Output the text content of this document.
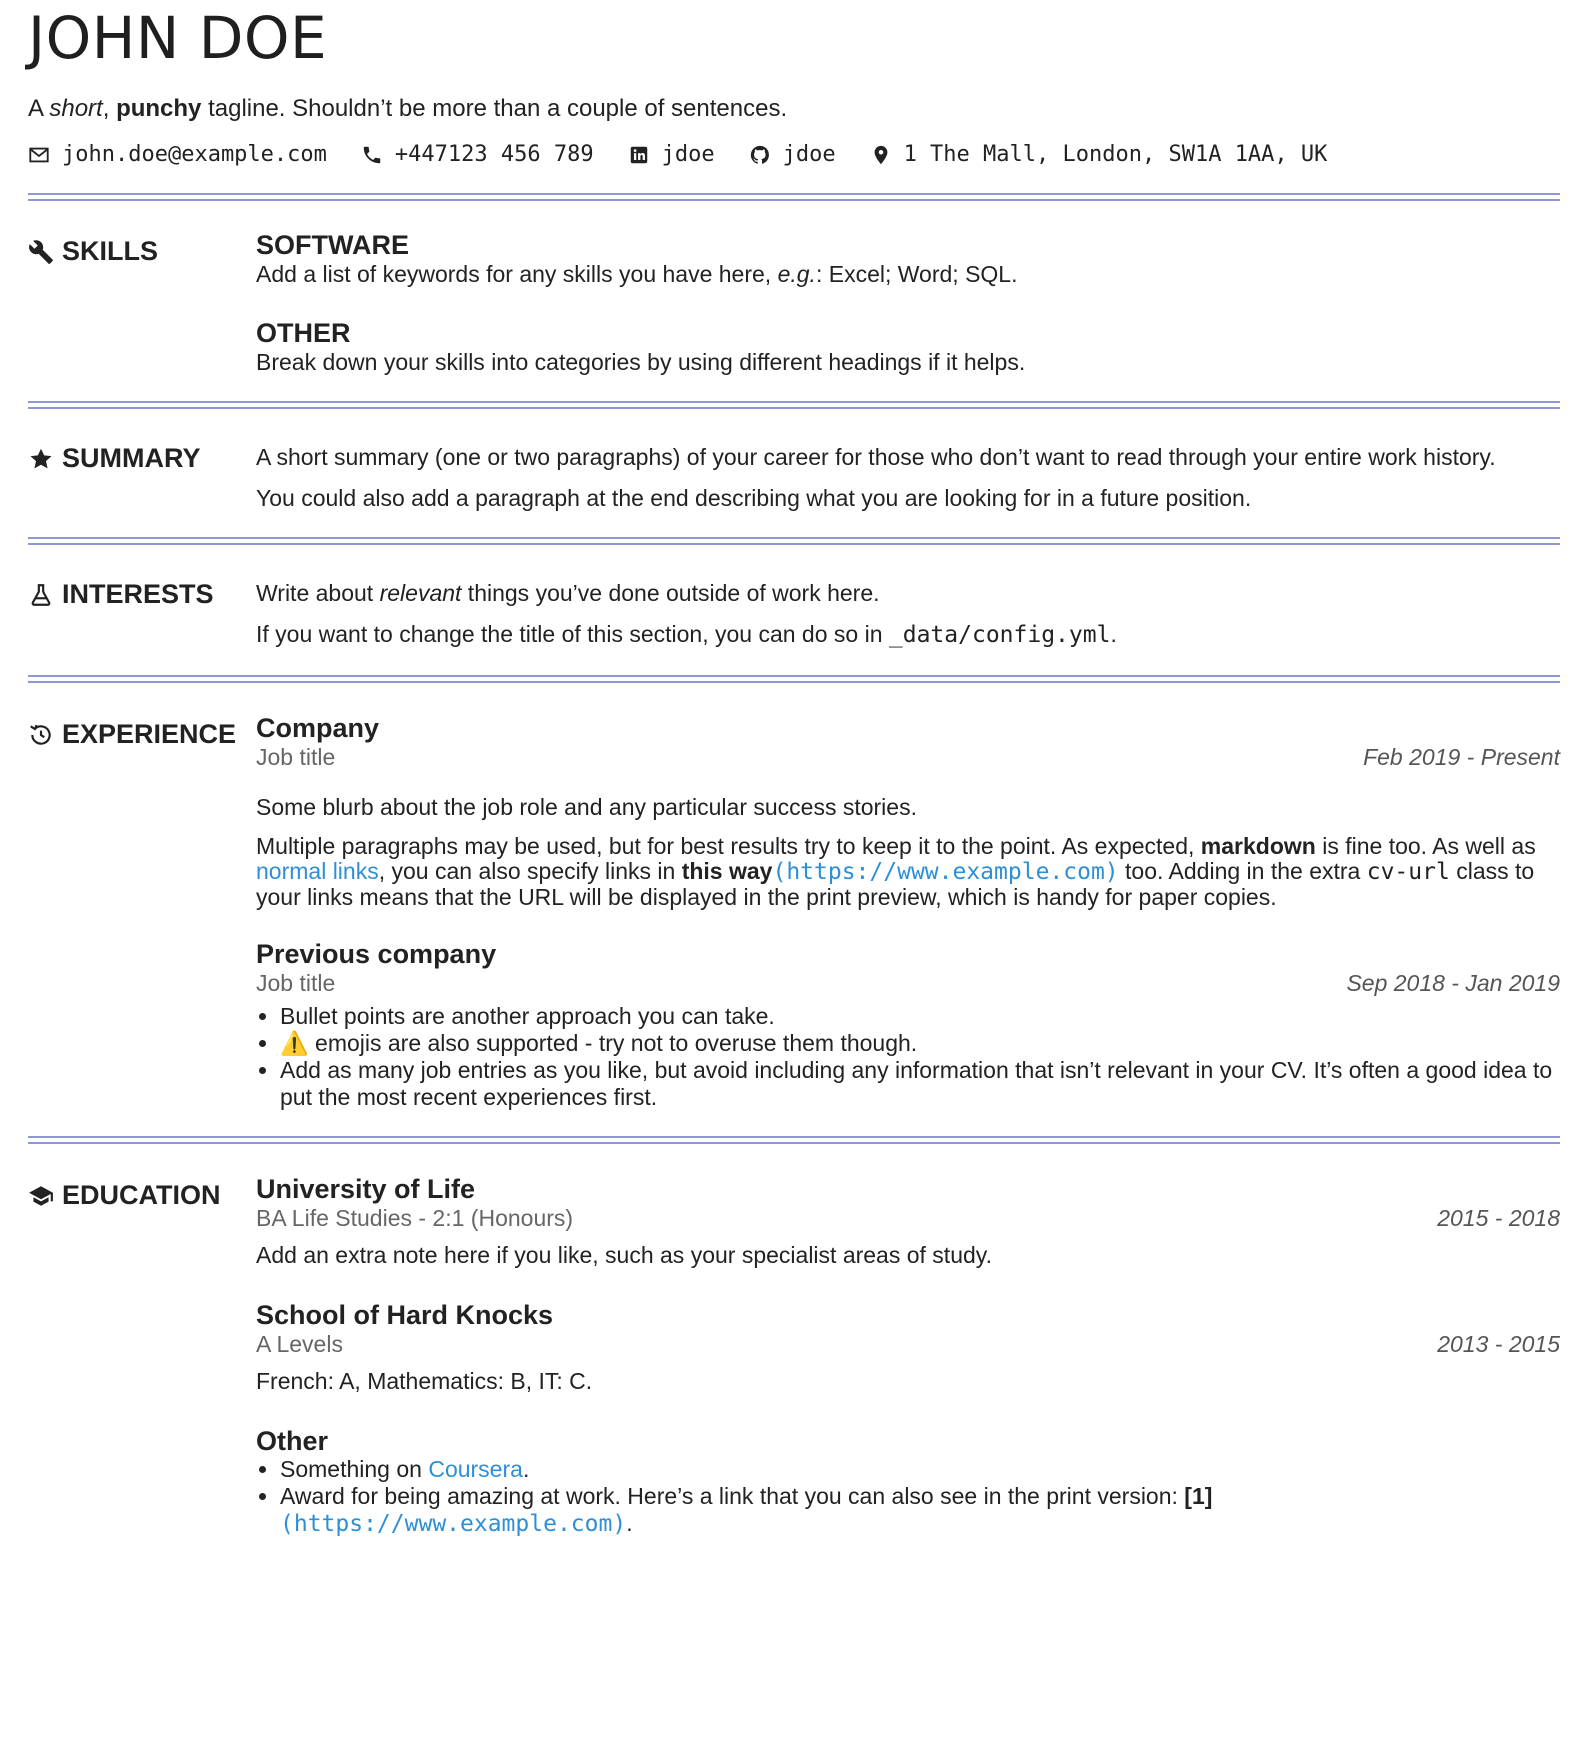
JOHN DOE

A short, punchy tagline. Shouldn’t be more than a couple of sentences.

john.doe@example.com	+447123 456 789	jdoe	jdoe	1 The Mall, London, SW1A 1AA, UK
SKILLS	SOFTWARE

Add a list of keywords for any skills you have here, e.g.: Excel; Word; SQL.

OTHER

Break down your skills into categories by using different headings if it helps.

SUMMARY A short summary (one or two paragraphs) of your career for those who don’t want to read through your entire work history.

You could also add a paragraph at the end describing what you are looking for in a future position.

INTERESTS Write about relevant things you’ve done outside of work here.

If you want to change the title of this section, you can do so in _data/config.yml.

EXPERIENCE Company
Job title	Feb 2019 - Present

Some blurb about the job role and any particular success stories.

Multiple paragraphs may be used, but for best results try to keep it to the point. As expected, markdown is fine too. As well as normal links, you can also specify links in this way(https://www.example.com) too. Adding in the extra cv-url class to your links means that the URL will be displayed in the print preview, which is handy for paper copies.

Previous company
Job title	Sep 2018 - Jan 2019
• Bullet points are another approach you can take.
• ⚠️ emojis are also supported - try not to overuse them though.
• Add as many job entries as you like, but avoid including any information that isn’t relevant in your CV. It’s often a good idea to put the most recent experiences first.
EDUCATION University of Life
BA Life Studies - 2:1 (Honours)	2015 - 2018

Add an extra note here if you like, such as your specialist areas of study.

School of Hard Knocks
A Levels	2013 - 2015

French: A, Mathematics: B, IT: C.

Other
• Something on Coursera.
• Award for being amazing at work. Here’s a link that you can also see in the print version: [1]
(https://www.example.com).
